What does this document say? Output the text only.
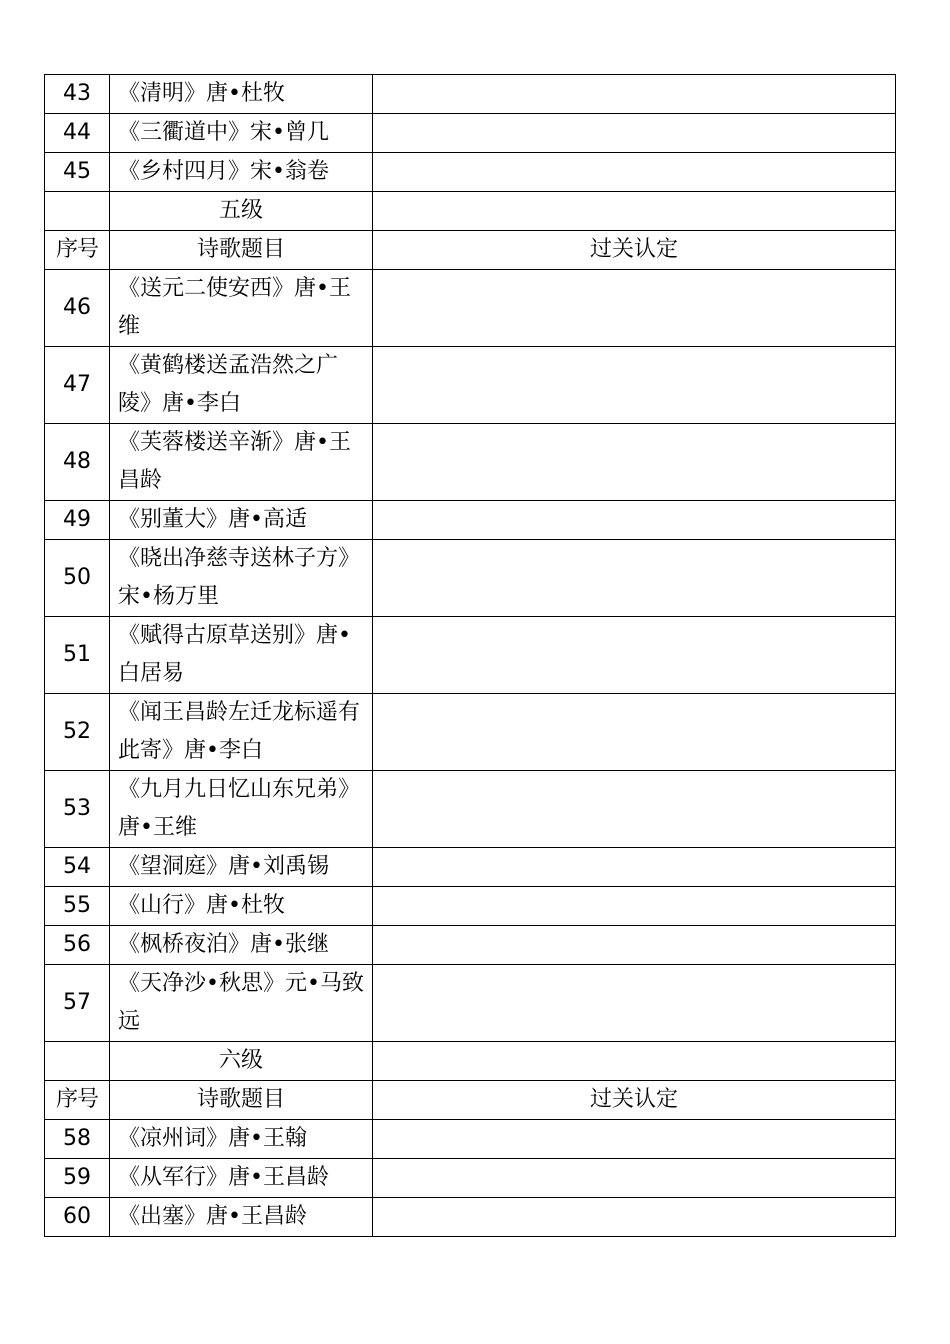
43	《清明》唐•杜牧	
44	《三衢道中》宋•曾几	
45	《乡村四月》宋•翁卷	
	五级	
序号	诗歌题目	过关认定
46	《送元二使安西》唐•王维	
47	《黄鹤楼送孟浩然之广陵》唐•李白	
48	《芙蓉楼送辛渐》唐•王昌龄	
49	《别董大》唐•高适	
50	《晓出净慈寺送林子方》宋•杨万里	
51	《赋得古原草送别》唐•白居易	
52	《闻王昌龄左迁龙标遥有此寄》唐•李白	
53	《九月九日忆山东兄弟》唐•王维	
54	《望洞庭》唐•刘禹锡	
55	《山行》唐•杜牧	
56	《枫桥夜泊》唐•张继	
57	《天净沙•秋思》元•马致远	
	六级	
序号	诗歌题目	过关认定
58	《凉州词》唐•王翰	
59	《从军行》唐•王昌龄	
60	《出塞》唐•王昌龄	
